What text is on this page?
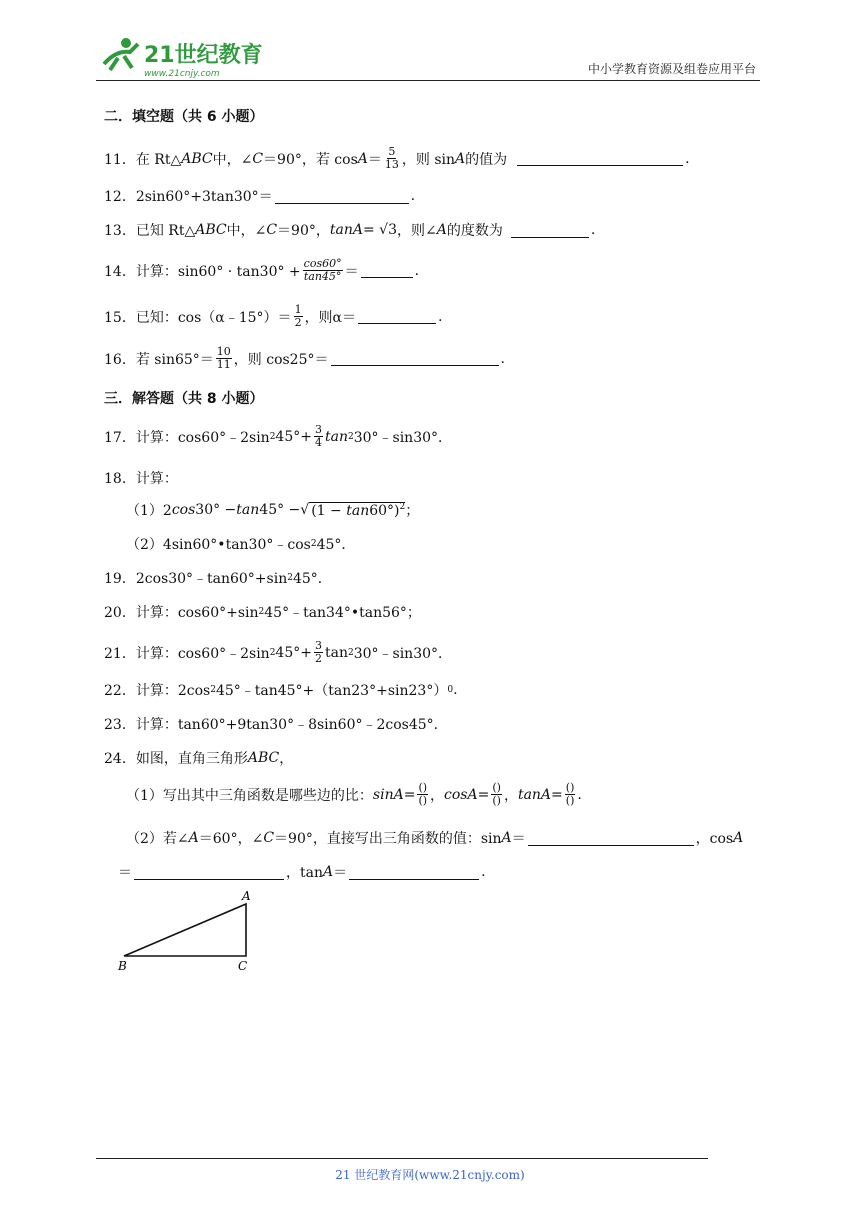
21世纪教育
www.21cnjy.com	中小学教育资源及组卷应用平台
二．填空题（共 6 小题）
11． 在 Rt△ ABC 中，∠ C ＝90°，若 $\cos A = \frac{5}{13}$ ，则 sin A 的值为	.
12． 2sin60°+3tan30°＝	.
13． 已知 Rt△ ABC 中，∠ C ＝90°， tanA = √3 ，则∠ A 的度数为	.
14． 计算：$\sin 60^\circ \cdot \tan 30^\circ + \frac{\cos 60^\circ}{\tan 45^\circ}$ ＝	.
15． 已知：cos（α﹣15°）＝ $\frac{1}{2}$ ，则α＝	.
16． 若 $\sin 65^\circ= \frac{10}{11}$ ，则 cos25°＝	.
三．解答题（共 8 小题）
17． 计算：cos60°﹣2sin 2 $45^\circ+ \frac{3}{4}$ tan 2 30°﹣sin30°．
18． 计算：
（1）2 cos 30° − tan 45° − √ $(1 - \tan 60^\circ)^2$ ；
（2）4sin60°•tan30°﹣cos 2 45°．
19． 2cos30°﹣tan60°+sin 2 45°．
20． 计算：cos60°+sin 2 45°﹣tan34°•tan56°；
21． 计算：cos60°﹣2sin 2 $45^\circ+ \frac{3}{2}$ tan 2 30°﹣sin30°．
22． 计算：2cos 2 45°﹣tan45°+（tan23°+sin23°） 0 .
23． 计算：tan60°+9tan30°﹣8sin60°﹣2cos45°．
24． 如图，直角三角形 ABC ，
（1）写出其中三角函数是哪些边的比： $\sin A = \frac{()}{()}$ ， $\cos A = \frac{()}{()}$ ， $\tan A = \frac{()}{()}$ .
（2）若∠ A ＝60°，∠ C ＝90°，直接写出三角函数的值：sin A ＝	，cos A
＝	，tan A ＝	.
A
B	C
21 世纪教育网(www.21cnjy.com)
